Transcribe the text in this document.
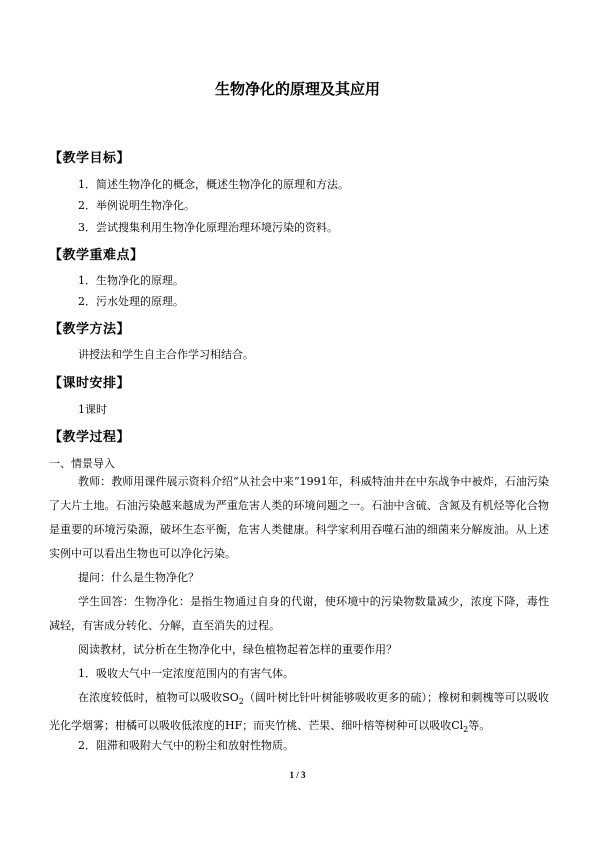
生物净化的原理及其应用
【教学目标】
1．简述生物净化的概念，概述生物净化的原理和方法。
2．举例说明生物净化。
3．尝试搜集利用生物净化原理治理环境污染的资料。
【教学重难点】
1．生物净化的原理。
2．污水处理的原理。
【教学方法】
讲授法和学生自主合作学习相结合。
【课时安排】
1课时
【教学过程】
一、情景导入
教师：教师用课件展示资料介绍“从社会中来”1991年，科威特油井在中东战争中被炸，石油污染了大片土地。石油污染越来越成为严重危害人类的环境问题之一。石油中含硫、含氮及有机烃等化合物是重要的环境污染源，破坏生态平衡，危害人类健康。科学家利用吞噬石油的细菌来分解废油。从上述实例中可以看出生物也可以净化污染。
提问：什么是生物净化？
学生回答：生物净化：是指生物通过自身的代谢，使环境中的污染物数量减少，浓度下降，毒性减轻，有害成分转化、分解，直至消失的过程。
阅读教材，试分析在生物净化中，绿色植物起着怎样的重要作用？
1．吸收大气中一定浓度范围内的有害气体。
在浓度较低时，植物可以吸收$SO_2$（阔叶树比针叶树能够吸收更多的硫）；橡树和刺槐等可以吸收光化学烟雾；柑橘可以吸收低浓度的HF；而夹竹桃、芒果、细叶榕等树种可以吸收$Cl_2$等。
2．阻滞和吸附大气中的粉尘和放射性物质。
1 / 3
